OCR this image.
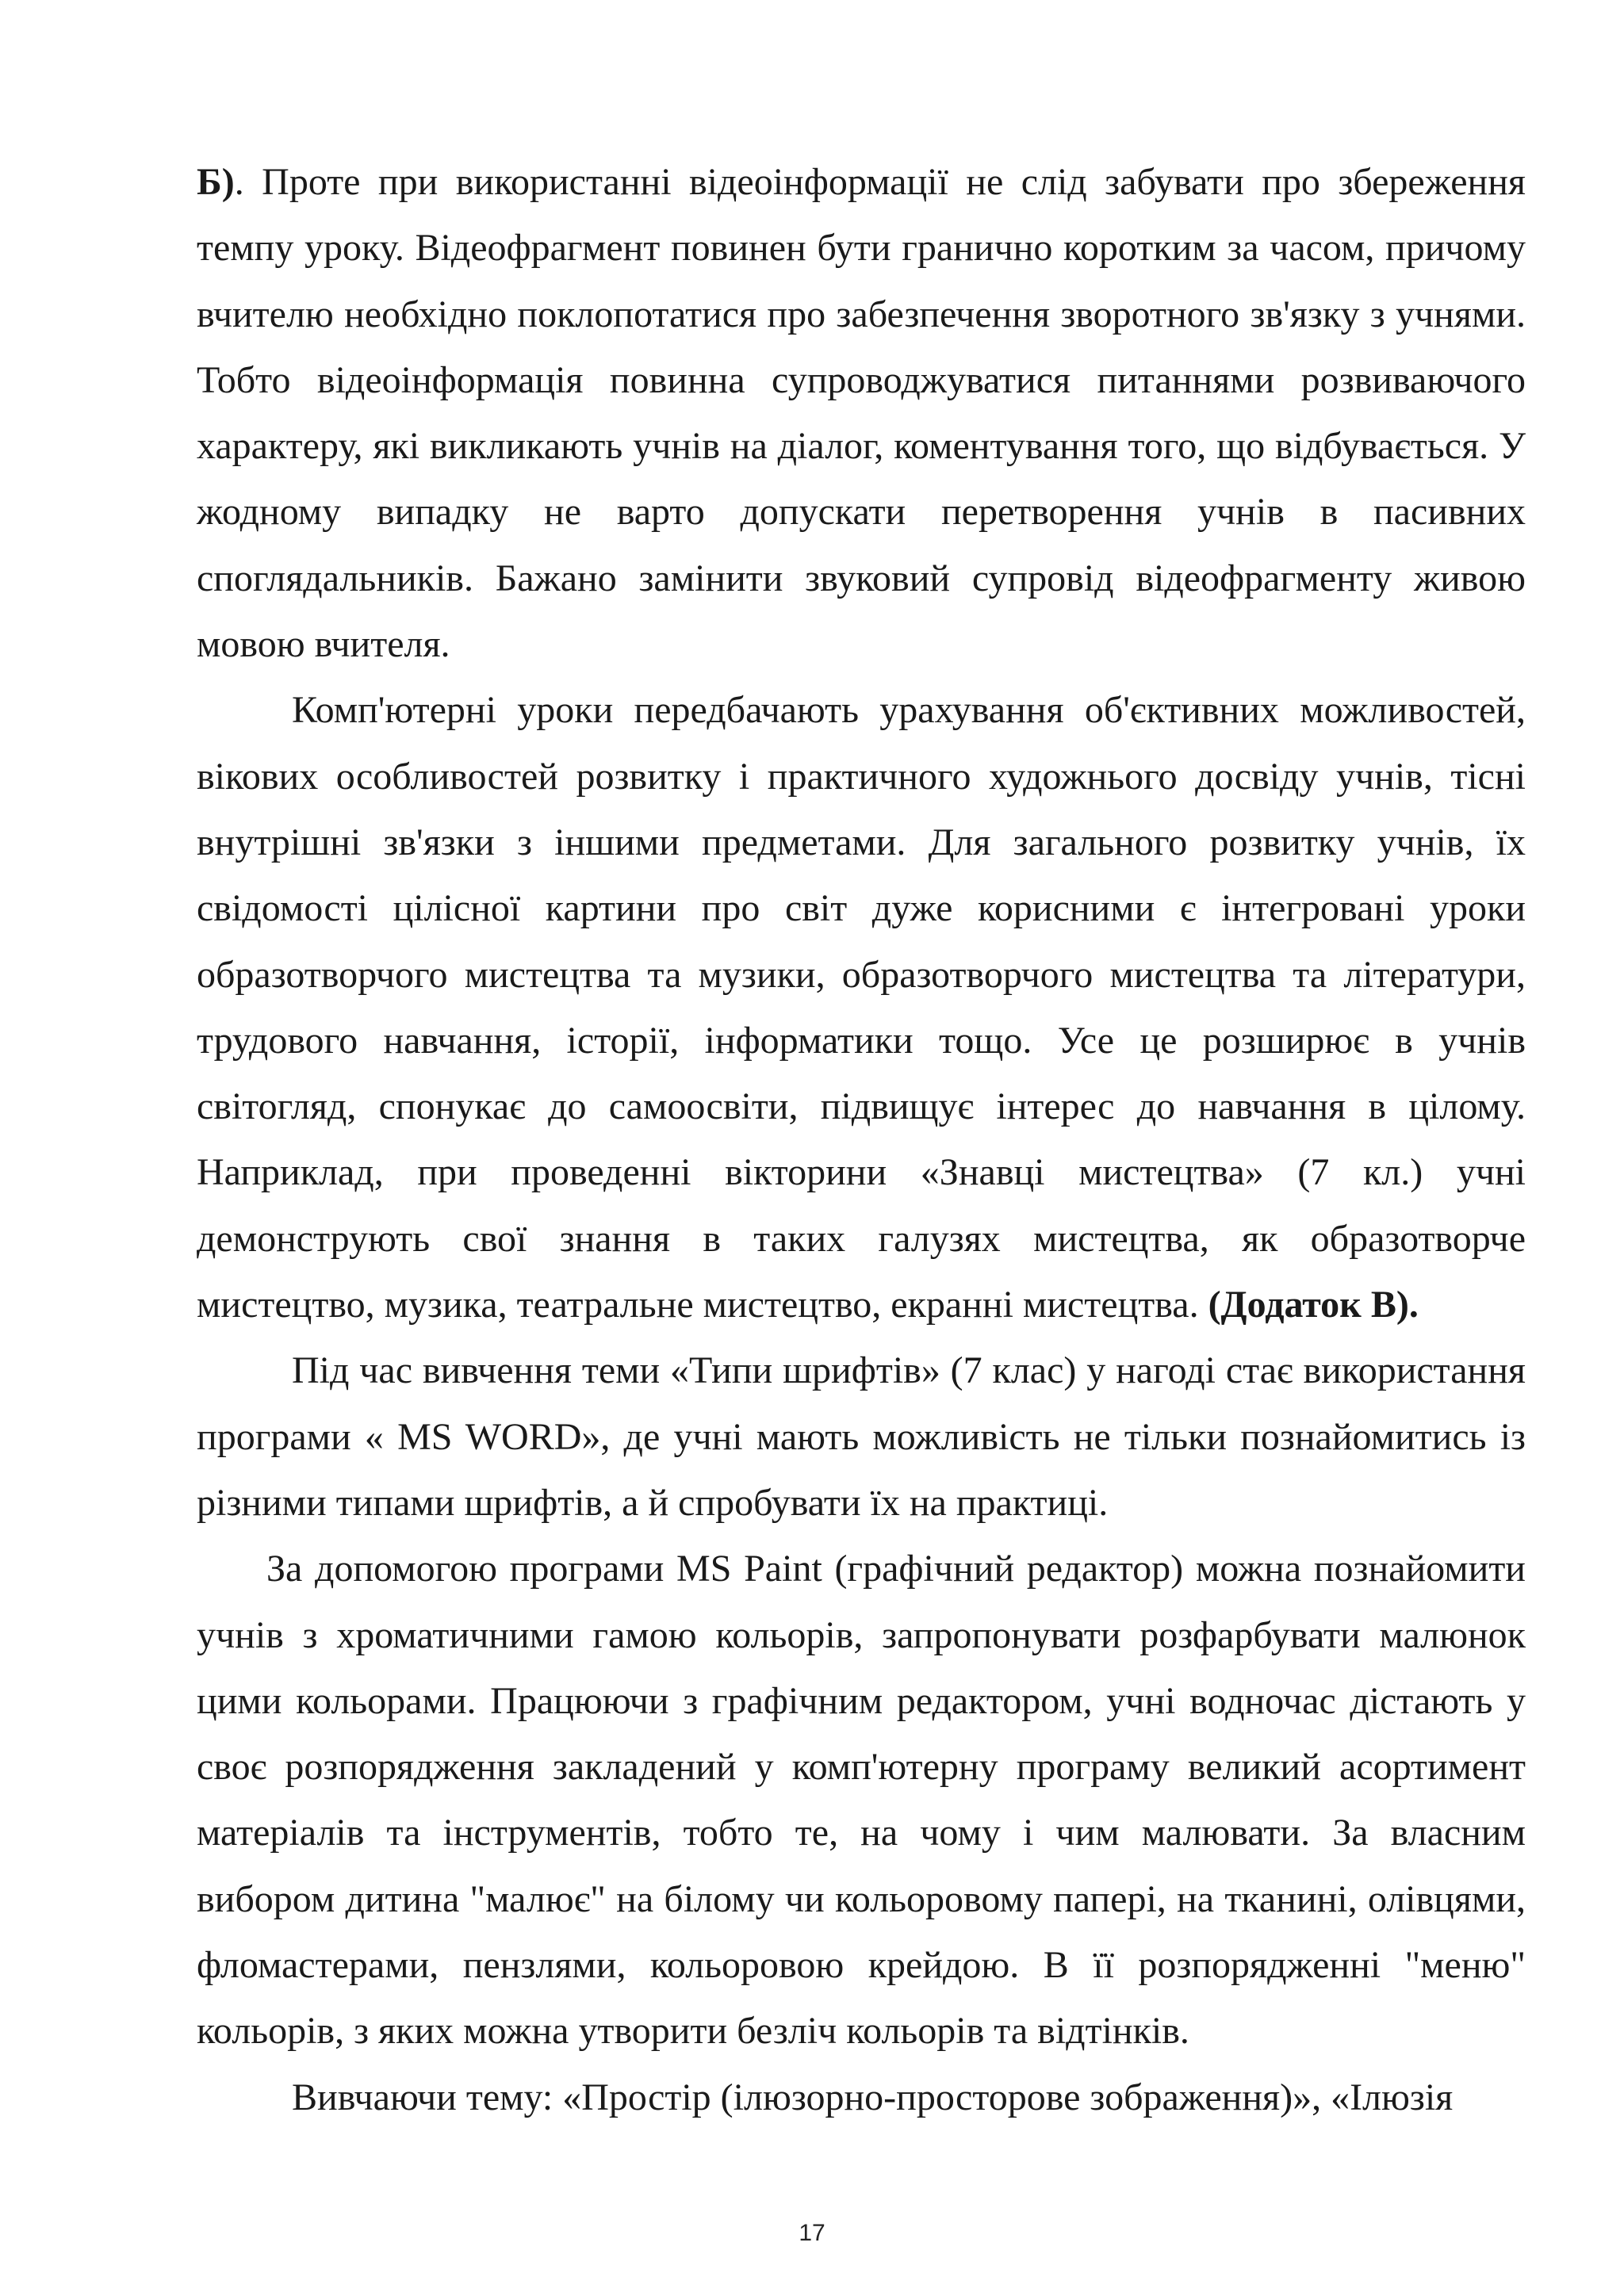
Б). Проте при використанні відеоінформації не слід забувати про збереження темпу уроку. Відеофрагмент повинен бути гранично коротким за часом, причому вчителю необхідно поклопотатися про забезпечення зворотного зв'язку з учнями. Тобто відеоінформація повинна супроводжуватися питаннями розвиваючого характеру, які викликають учнів на діалог, коментування того, що відбувається. У жодному випадку не варто допускати перетворення учнів в пасивних споглядальників. Бажано замінити звуковий супровід відеофрагменту живою мовою вчителя.

Комп'ютерні уроки передбачають урахування об'єктивних можливостей, вікових особливостей розвитку і практичного художнього досвіду учнів, тісні внутрішні зв'язки з іншими предметами. Для загального розвитку учнів, їх свідомості цілісної картини про світ дуже корисними є інтегровані уроки образотворчого мистецтва та музики, образотворчого мистецтва та літератури, трудового навчання, історії, інформатики тощо. Усе це розширює в учнів світогляд, спонукає до самоосвіти, підвищує інтерес до навчання в цілому. Наприклад, при проведенні вікторини «Знавці мистецтва» (7 кл.) учні демонструють свої знання в таких галузях мистецтва, як образотворче мистецтво, музика, театральне мистецтво, екранні мистецтва. (Додаток В).

Під час вивчення теми «Типи шрифтів» (7 клас) у нагоді стає використання програми « MS WORD», де учні мають можливість не тільки познайомитись із різними типами шрифтів, а й спробувати їх на практиці.

За допомогою програми MS Paint (графічний редактор) можна познайомити учнів з хроматичними гамою кольорів, запропонувати розфарбувати малюнок цими кольорами. Працюючи з графічним редактором, учні водночас дістають у своє розпорядження закладений у комп'ютерну програму великий асортимент матеріалів та інструментів, тобто те, на чому і чим малювати. За власним вибором дитина "малює" на білому чи кольоровому папері, на тканині, олівцями, фломастерами, пензлями, кольоровою крейдою. В її розпорядженні "меню" кольорів, з яких можна утворити безліч кольорів та відтінків.

Вивчаючи тему: «Простір (ілюзорно-просторове зображення)», «Ілюзія

17
